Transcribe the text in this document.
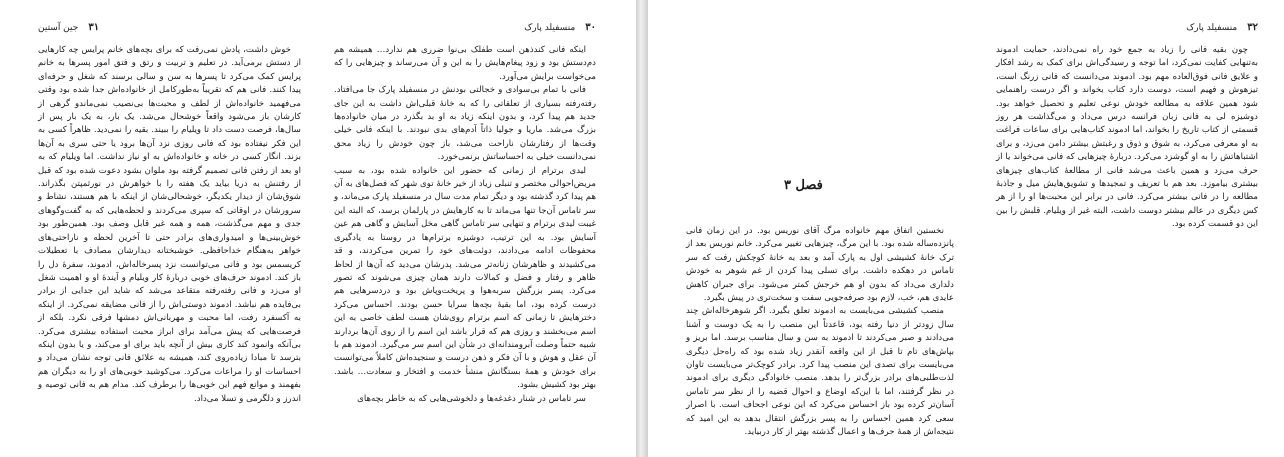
۳۱
جین آستین

خوش داشت، پادش نمی‌رفت که برای بچه‌های خانم پرایس چه کارهایی از دستش برمی‌آید. در تعلیم و تربیت و رتق و فتق امور پسرها به خانم پرایس کمک می‌کرد تا پسرها به سن و سالی برسند که شغل و حرفه‌ای پیدا کنند. فانی هم که تقریباً به‌طورکامل از خانواده‌اش جدا شده بود وقتی می‌فهمید خانواده‌اش از لطف و محبت‌ها بی‌نصیب نمی‌ماندو گرهی از کارشان باز می‌شود واقعاً خوشحال می‌شد. یک بار، به یک بار پس از سال‌ها، فرصت دست داد تا ویلیام را ببیند. بقیه را نمی‌دید. ظاهراً کسی به این فکر نیفتاده بود که فانی روزی نزد آن‌ها برود یا حتی سری به آن‌ها بزند. انگار کسی در خانه و خانواده‌اش به او نیاز نداشت. اما ویلیام که به او بعد از رفتن فانی تصمیم گرفته بود ملوان بشود دعوت شده بود که قبل از رفتنش به دریا بیاید یک هفته را با خواهرش در نورثمپتن بگذراند. شوق‌شان از دیدار یکدیگر، خوشحالی‌شان از اینکه با هم هستند، نشاط و سرورشان در اوقاتی که سپری می‌کردند و لحظه‌هایی که به گفت‌وگوهای جدی و مهم می‌گذشت، همه و همه غیر قابل وصف بود. همین‌طور بود خوش‌بینی‌ها و امیدواری‌های برادر حتی تا آخرین لحظه و ناراحتی‌های خواهر به‌هنگام خداحافظی. خوشبختانه دیدارشان مصادف با تعطیلات کریسمس بود و فانی می‌توانست نزد پسرخاله‌اش، ادموند، سفره‌ٔ دل را باز کند. ادموند حرف‌های خوبی درباره‌ٔ کار ویلیام و آینده‌ٔ او و اهمیت شغل او می‌زد و فانی رفته‌رفته متقاعد می‌شد که شاید این جدایی از برادر بی‌فایده هم نباشد. ادموند دوستی‌اش را از فانی مضایقه نمی‌کرد. از اینکه به آکسفرد رفت، اما محبت و مهربانی‌اش دمشها فرقی نکرد. بلکه از فرصت‌هایی که پیش می‌آمد برای ابراز محبت استفاده بیشتری می‌کرد. بی‌آنکه وانمود کند کاری بیش از آنچه باید برای او می‌کند، و یا بدون اینکه بترسد تا مبادا زیاده‌روی کند، همیشه به علائق فانی توجه نشان می‌داد و احساسات او را مراعات می‌کرد. می‌کوشید خوبی‌های او را به دیگران هم بفهمند و موانع فهم این خوبی‌ها را برطرف کند. مدام هم به فانی توصیه و اندرز و دلگرمی و تسلا می‌داد.

۳۰
منسفیلد پارک

اینکه فانی کند‌ذهن است طفلک بی‌نوا ضرری هم ندارد… همیشه هم دم‌دستش بود و زود پیغام‌هایش را به این و آن می‌رساند و چیزهایی را که می‌خواست برایش می‌آورد.

فانی با تمام بی‌سوادی و خجالتی بودنش در منسفیلد پارک جا می‌افتاد. رفته‌رفته بسیاری از تعلقاتی را که به خانهٔ قبلی‌اش داشت به این جای جدید هم پیدا کرد، و بدون اینکه زیاد به او بد بگذرد در میان خانواده‌ها بزرگ می‌شد. ماریا و جولیا ذاتاً آدم‌های بدی نبودند. با اینکه فانی خیلی وقت‌ها از رفتارشان ناراحت می‌شد، باز چون خودش را زیاد محق نمی‌دانست خیلی به احساساتش برنمی‌خورد.

لیدی برترام از زمانی که حضور این خانواده شده بود، به سبب مریض‌احوالی مختصر و تنبلی زیاد از خیر خانهٔ توی شهر که فصل‌های به آن هم پیدا کرد گذشته بود و دیگر تمام مدت سال در منسفیلد پارک می‌ماند، و سر تاماس آن‌جا تنها می‌ماند تا به کارهایش در پارلمان برسد، که البته این غیبت لیدی برترام و تنهایی سر تاماس گاهی مخل آسایش و گاهی هم عین آسایش بود. به این ترتیب، دوشیزه برترام‌ها در روستا به یادگیری محفوظات ادامه می‌دادند، دوئت‌های خود را تمرین می‌کردند، و قد می‌کشیدند و ظاهرشان زنانه‌تر می‌شد. پدرشان می‌دید که آن‌ها از لحاظ ظاهر و رفتار و فضل و کمالات دارند همان چیزی می‌شوند که تصور می‌کرد. پسر بزرگش سربه‌هوا و پریخت‌وپاش بود و دردسرهایی هم درست کرده بود، اما بقیهٔ بچه‌ها سرایا حسن بودند. احساس می‌کرد دخترهایش تا زمانی که اسم برترام روی‌شان هست لطف خاصی به این اسم می‌بخشند و روزی هم که قرار باشد این اسم را از روی آن‌ها بردارند شبیه حتماً وصلت آبرومندانه‌ای در شأن این اسم سر می‌گیرد. ادموند هم با آن عقل و هوش و با آن فکر و ذهن درست و سنجیده‌اش کاملاً می‌توانست برای خودش و همهٔ بستگانش منشأ خدمت و افتخار و سعادت… باشد. بهتر بود کشیش بشود.

سر تاماس در شنار دغدغه‌ها و دلخوشی‌هایی که به خاطر بچه‌های

فصل ۳

نخستین اتفاق مهم خانواده مرگ آقای نوریس بود. در این زمان فانی پانزده‌ساله شده بود. با این مرگ، چیزهایی تغییر می‌کرد. خانم نوریس بعد از ترک خانهٔ کشیشی اول به پارک آمد و بعد به خانهٔ کوچکش رفت که سر تاماس در دهکده داشت. برای تسلی پیدا کردن از غم شوهر به خودش دلداری می‌داد که بدون او هم خرجش کمتر می‌شود. برای جبران کاهش عایدی هم، خب، لازم بود صرفه‌جویی سفت و سخت‌تری در پیش بگیرد.

منصب کشیشی می‌بایست به ادموند تعلق بگیرد. اگر شوهرخاله‌اش چند سال زودتر از دنیا رفته بود، قاعدتاً این منصب را به یک دوست و آشنا می‌دادند و صبر می‌کردند تا ادموند به سن و سال مناسب برسد. اما بریز و بپاش‌های تام تا قبل از این واقعه آنقدر زیاد شده بود که راه‌حل دیگری می‌بایست برای تصدی این منصب پیدا کرد. برادر کوچک‌تر می‌بایست تاوان لذت‌طلبی‌های برادر بزرگ‌تر را بدهد. منصب خانوادگی دیگری برای ادموند در نظر گرفتند، اما با این‌که اوضاع و احوال قضیه را از نظر سر تاماس آسان‌تر کرده بود باز احساس می‌کرد که این نوعی اجحاف است. با اصرار سعی کرد همین احساس را به پسر بزرگش انتقال بدهد به این امید که نتیجه‌اش از همهٔ حرف‌ها و اعمال گذشته بهتر از کار دربیاید.

۳۲
منسفیلد پارک

چون بقیه فانی را زیاد به جمع خود راه نمی‌دادند، حمایت ادموند به‌تنهایی کفایت نمی‌کرد، اما توجه و رسیدگی‌اش برای کمک به رشد افکار و علایق فانی فوق‌العاده مهم بود. ادموند می‌دانست که فانی زرنگ است، تیزهوش و فهیم است، دوست دارد کتاب بخواند و اگر درست راهنمایی شود همین علاقه به مطالعه خودش نوعی تعلیم و تحصیل خواهد بود. دوشیزه لی به فانی زبان فرانسه درس می‌داد و می‌گذاشت هر روز قسمتی از کتاب تاریخ را بخواند، اما ادموند کتاب‌هایی برای ساعات فراغت به او معرفی می‌کرد، به شوق و ذوق و رغبتش بیشتر دامن می‌زد، و برای اشتباهاتش را به او گوشزد می‌کرد. درباره‌ٔ چیزهایی که فانی می‌خواند یا از حرف می‌زد و همین باعث می‌شد فانی از مطالعهٔ کتاب‌های چیزهای بیشتری بیاموزد. بعد هم با تعریف و تمجیدها و تشویق‌هایش میل و جاذبهٔ مطالعه را در فانی بیشتر می‌کرد. فانی در برابر این محبت‌ها او را از هر کس دیگری در عالم بیشتر دوست داشت، البته غیر از ویلیام. قلبش را بین این دو قسمت کرده بود.
